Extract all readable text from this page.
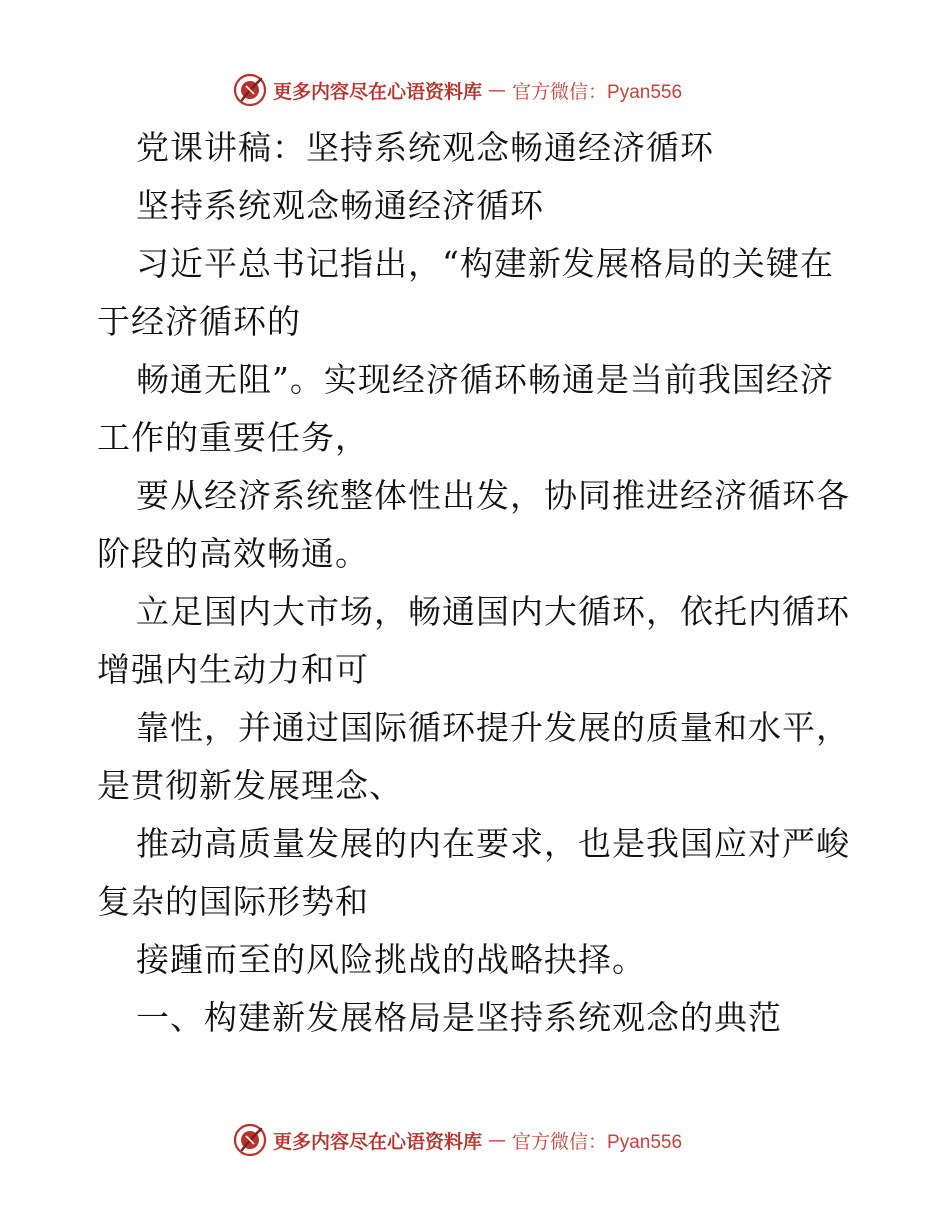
更多内容尽在心语资料库 — 官方微信：Pyan556
党课讲稿：坚持系统观念畅通经济循环
坚持系统观念畅通经济循环
习近平总书记指出，“构建新发展格局的关键在
于经济循环的
畅通无阻”。实现经济循环畅通是当前我国经济
工作的重要任务，
要从经济系统整体性出发，协同推进经济循环各
阶段的高效畅通。
立足国内大市场，畅通国内大循环，依托内循环
增强内生动力和可
靠性，并通过国际循环提升发展的质量和水平，
是贯彻新发展理念、
推动高质量发展的内在要求，也是我国应对严峻
复杂的国际形势和
接踵而至的风险挑战的战略抉择。
一、构建新发展格局是坚持系统观念的典范
更多内容尽在心语资料库 — 官方微信：Pyan556
